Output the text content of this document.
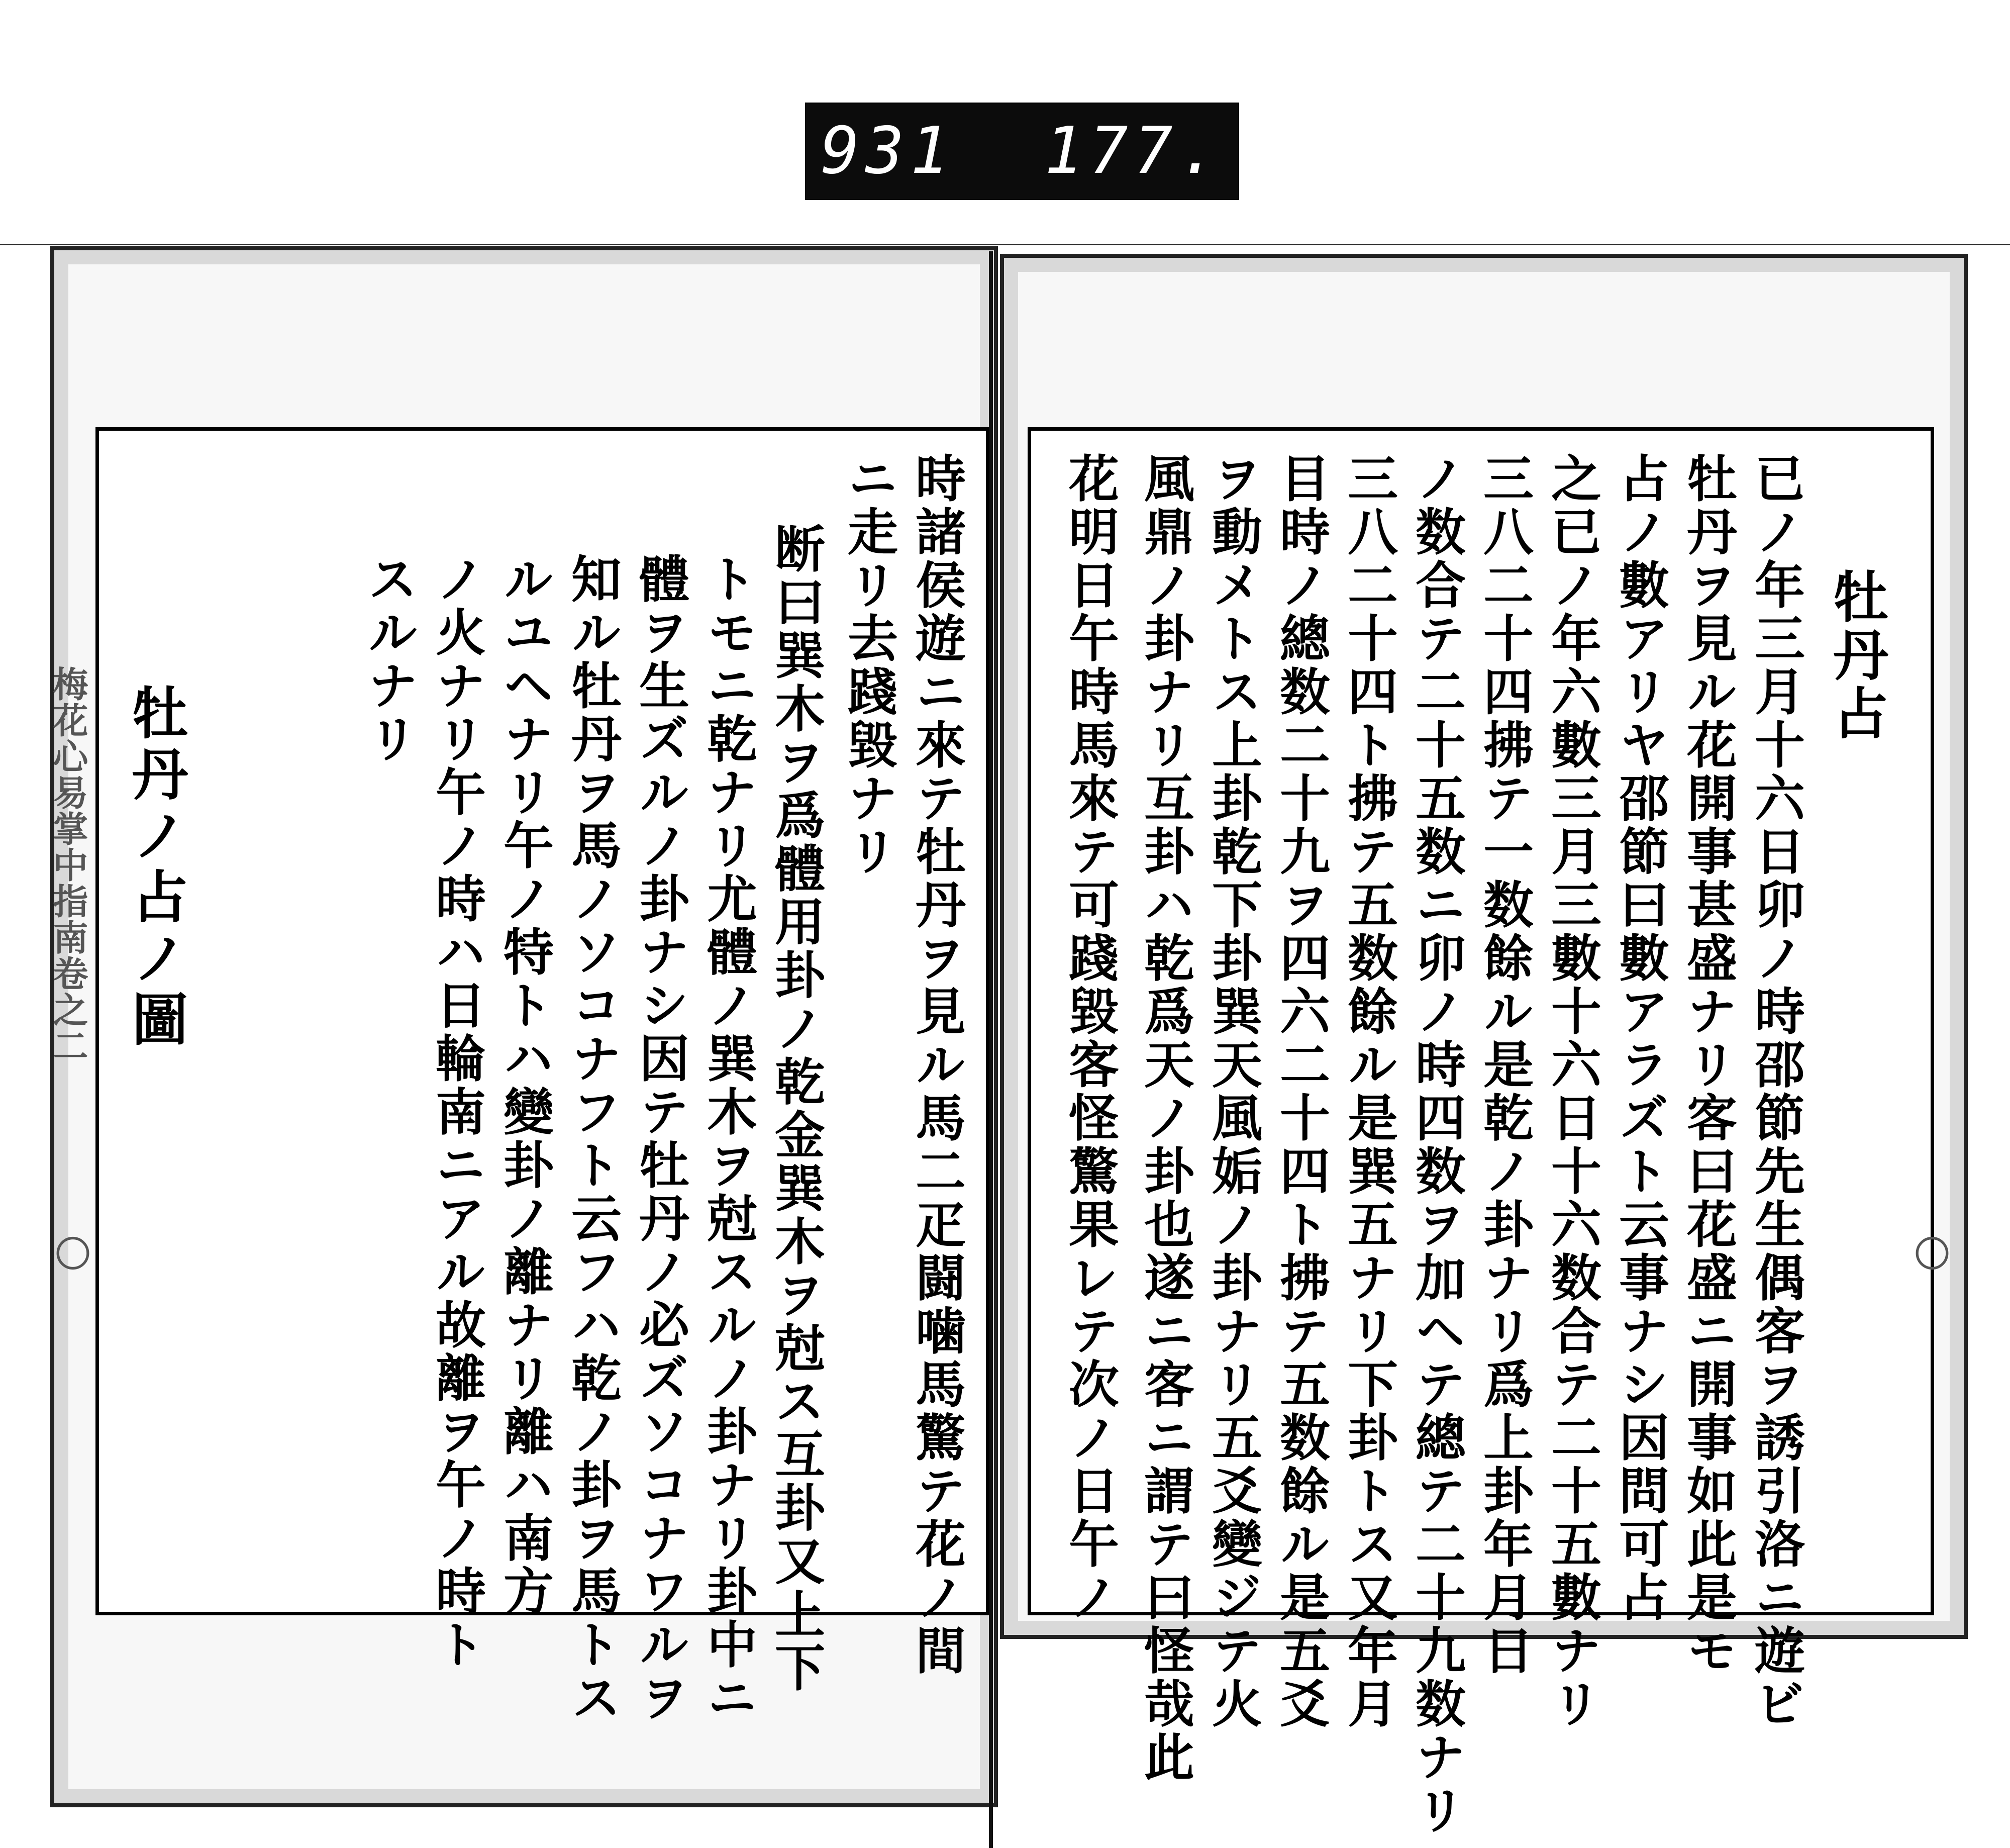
931  177.
梅花心易掌中指南卷之二
〇	〇
牡丹占
已ノ年三月十六日卯ノ時邵節先生偶客ヲ誘引洛ニ遊ビ
牡丹ヲ見ル花開事甚盛ナリ客曰花盛ニ開事如此是モ
占ノ數アリヤ邵節曰數アラズト云事ナシ因問可占
之已ノ年六數三月三數十六日十六数合テ二十五數ナリ
三八二十四拂テ一数餘ル是乾ノ卦ナリ爲上卦年月日
ノ数合テ二十五数ニ卯ノ時四数ヲ加ヘテ總テ二十九数ナリ
三八二十四ト拂テ五数餘ル是巽五ナリ下卦トス又年月
目時ノ總数二十九ヲ四六二十四ト拂テ五数餘ル是五爻
ヲ動メトス上卦乾下卦巽天風姤ノ卦ナリ五爻變ジテ火
風鼎ノ卦ナリ互卦ハ乾爲天ノ卦也遂ニ客ニ謂テ曰怪哉此
花明日午時馬來テ可踐毀客怪驚果レテ次ノ日午ノ
時諸侯遊ニ來テ牡丹ヲ見ル馬二疋闘噛馬驚テ花ノ間
ニ走リ去踐毀ナリ
断曰巽木ヲ爲體用卦ノ乾金巽木ヲ尅ス互卦又上下
トモニ乾ナリ尤體ノ巽木ヲ尅スルノ卦ナリ卦中ニ
體ヲ生ズルノ卦ナシ因テ牡丹ノ必ズソコナワルヲ
知ル牡丹ヲ馬ノソコナフト云フハ乾ノ卦ヲ馬トス
ルユヘナリ午ノ特トハ變卦ノ離ナリ離ハ南方
ノ火ナリ午ノ時ハ日輪南ニアル故離ヲ午ノ時ト
スルナリ
牡丹ノ占ノ圖
